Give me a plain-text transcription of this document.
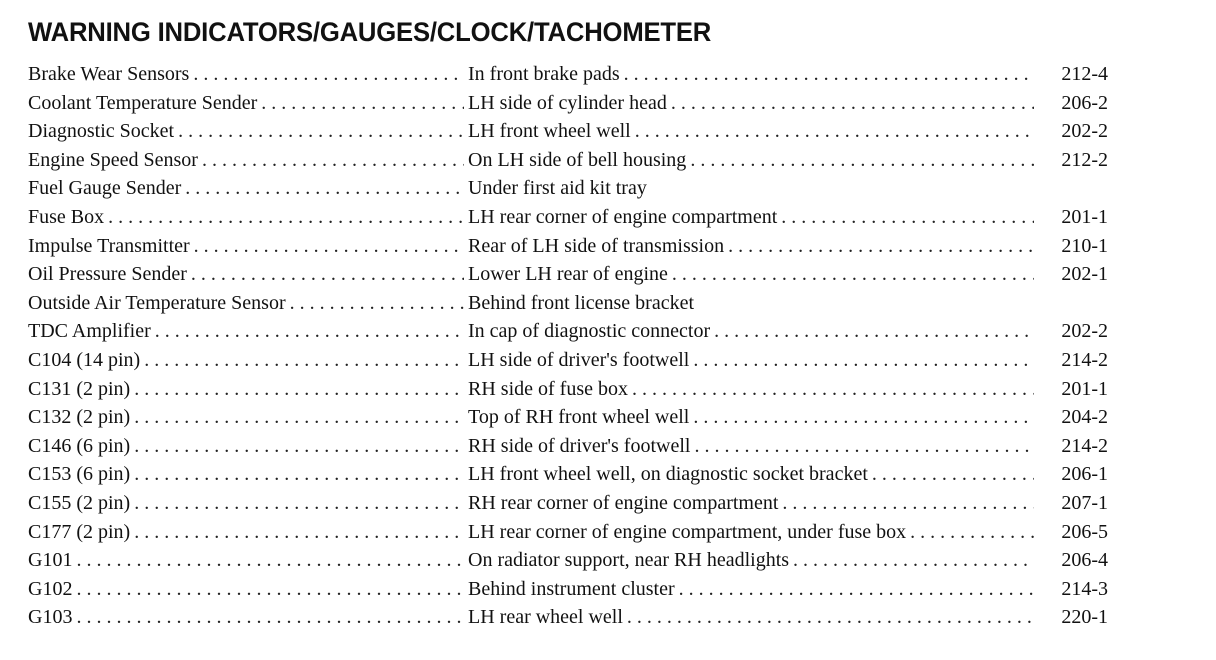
WARNING INDICATORS/GAUGES/CLOCK/TACHOMETER
Brake Wear Sensors . . .	In front brake pads . . .	212-4
Coolant Temperature Sender . . .	LH side of cylinder head . . .	206-2
Diagnostic Socket . . .	LH front wheel well . . .	202-2
Engine Speed Sensor . . .	On LH side of bell housing . . .	212-2
Fuel Gauge Sender . . .	Under first aid kit tray
Fuse Box . . .	LH rear corner of engine compartment . . .	201-1
Impulse Transmitter . . .	Rear of LH side of transmission . . .	210-1
Oil Pressure Sender . . .	Lower LH rear of engine . . .	202-1
Outside Air Temperature Sensor . . .	Behind front license bracket
TDC Amplifier . . .	In cap of diagnostic connector . . .	202-2
C104 (14 pin) . . .	LH side of driver's footwell . . .	214-2
C131 (2 pin) . . .	RH side of fuse box . . .	201-1
C132 (2 pin) . . .	Top of RH front wheel well . . .	204-2
C146 (6 pin) . . .	RH side of driver's footwell . . .	214-2
C153 (6 pin) . . .	LH front wheel well, on diagnostic socket bracket . . .	206-1
C155 (2 pin) . . .	RH rear corner of engine compartment . . .	207-1
C177 (2 pin) . . .	LH rear corner of engine compartment, under fuse box . . .	206-5
G101 . . .	On radiator support, near RH headlights . . .	206-4
G102 . . .	Behind instrument cluster . . .	214-3
G103 . . .	LH rear wheel well . . .	220-1
